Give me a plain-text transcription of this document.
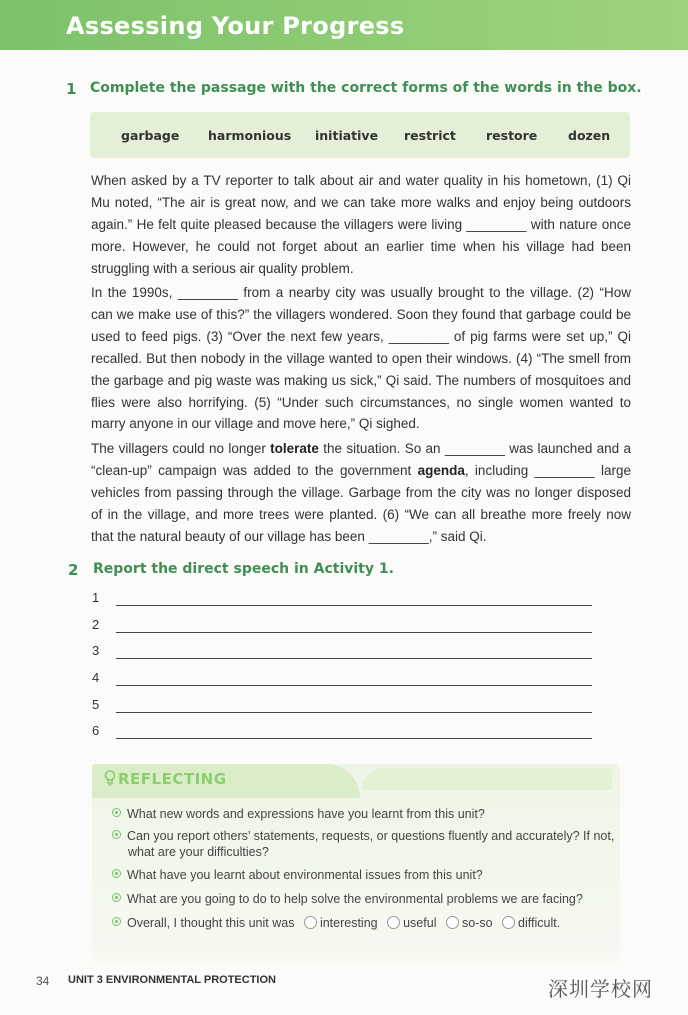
Assessing Your Progress
1 Complete the passage with the correct forms of the words in the box.
garbage harmonious initiative restrict restore dozen

When asked by a TV reporter to talk about air and water quality in his hometown, (1) Qi Mu noted, “The air is great now, and we can take more walks and enjoy being outdoors again.” He felt quite pleased because the villagers were living ________ with nature once more. However, he could not forget about an earlier time when his village had been struggling with a serious air quality problem.

In the 1990s, ________ from a nearby city was usually brought to the village. (2) “How can we make use of this?” the villagers wondered. Soon they found that garbage could be used to feed pigs. (3) “Over the next few years, ________ of pig farms were set up,” Qi recalled. But then nobody in the village wanted to open their windows. (4) “The smell from the garbage and pig waste was making us sick,” Qi said. The numbers of mosquitoes and flies were also horrifying. (5) “Under such circumstances, no single women wanted to marry anyone in our village and move here,” Qi sighed.

The villagers could no longer tolerate the situation. So an ________ was launched and a “clean-up” campaign was added to the government agenda, including ________ large vehicles from passing through the village. Garbage from the city was no longer disposed of in the village, and more trees were planted. (6) “We can all breathe more freely now that the natural beauty of our village has been ________,” said Qi.

2 Report the direct speech in Activity 1.
1
2
3
4
5
6
REFLECTING
What new words and expressions have you learnt from this unit?
Can you report others’ statements, requests, or questions fluently and accurately? If not, what are your difficulties?
What have you learnt about environmental issues from this unit?
What are you going to do to help solve the environmental problems we are facing?
Overall, I thought this unit was interesting useful so-so difficult.
34 UNIT 3 ENVIRONMENTAL PROTECTION	深圳学校网
